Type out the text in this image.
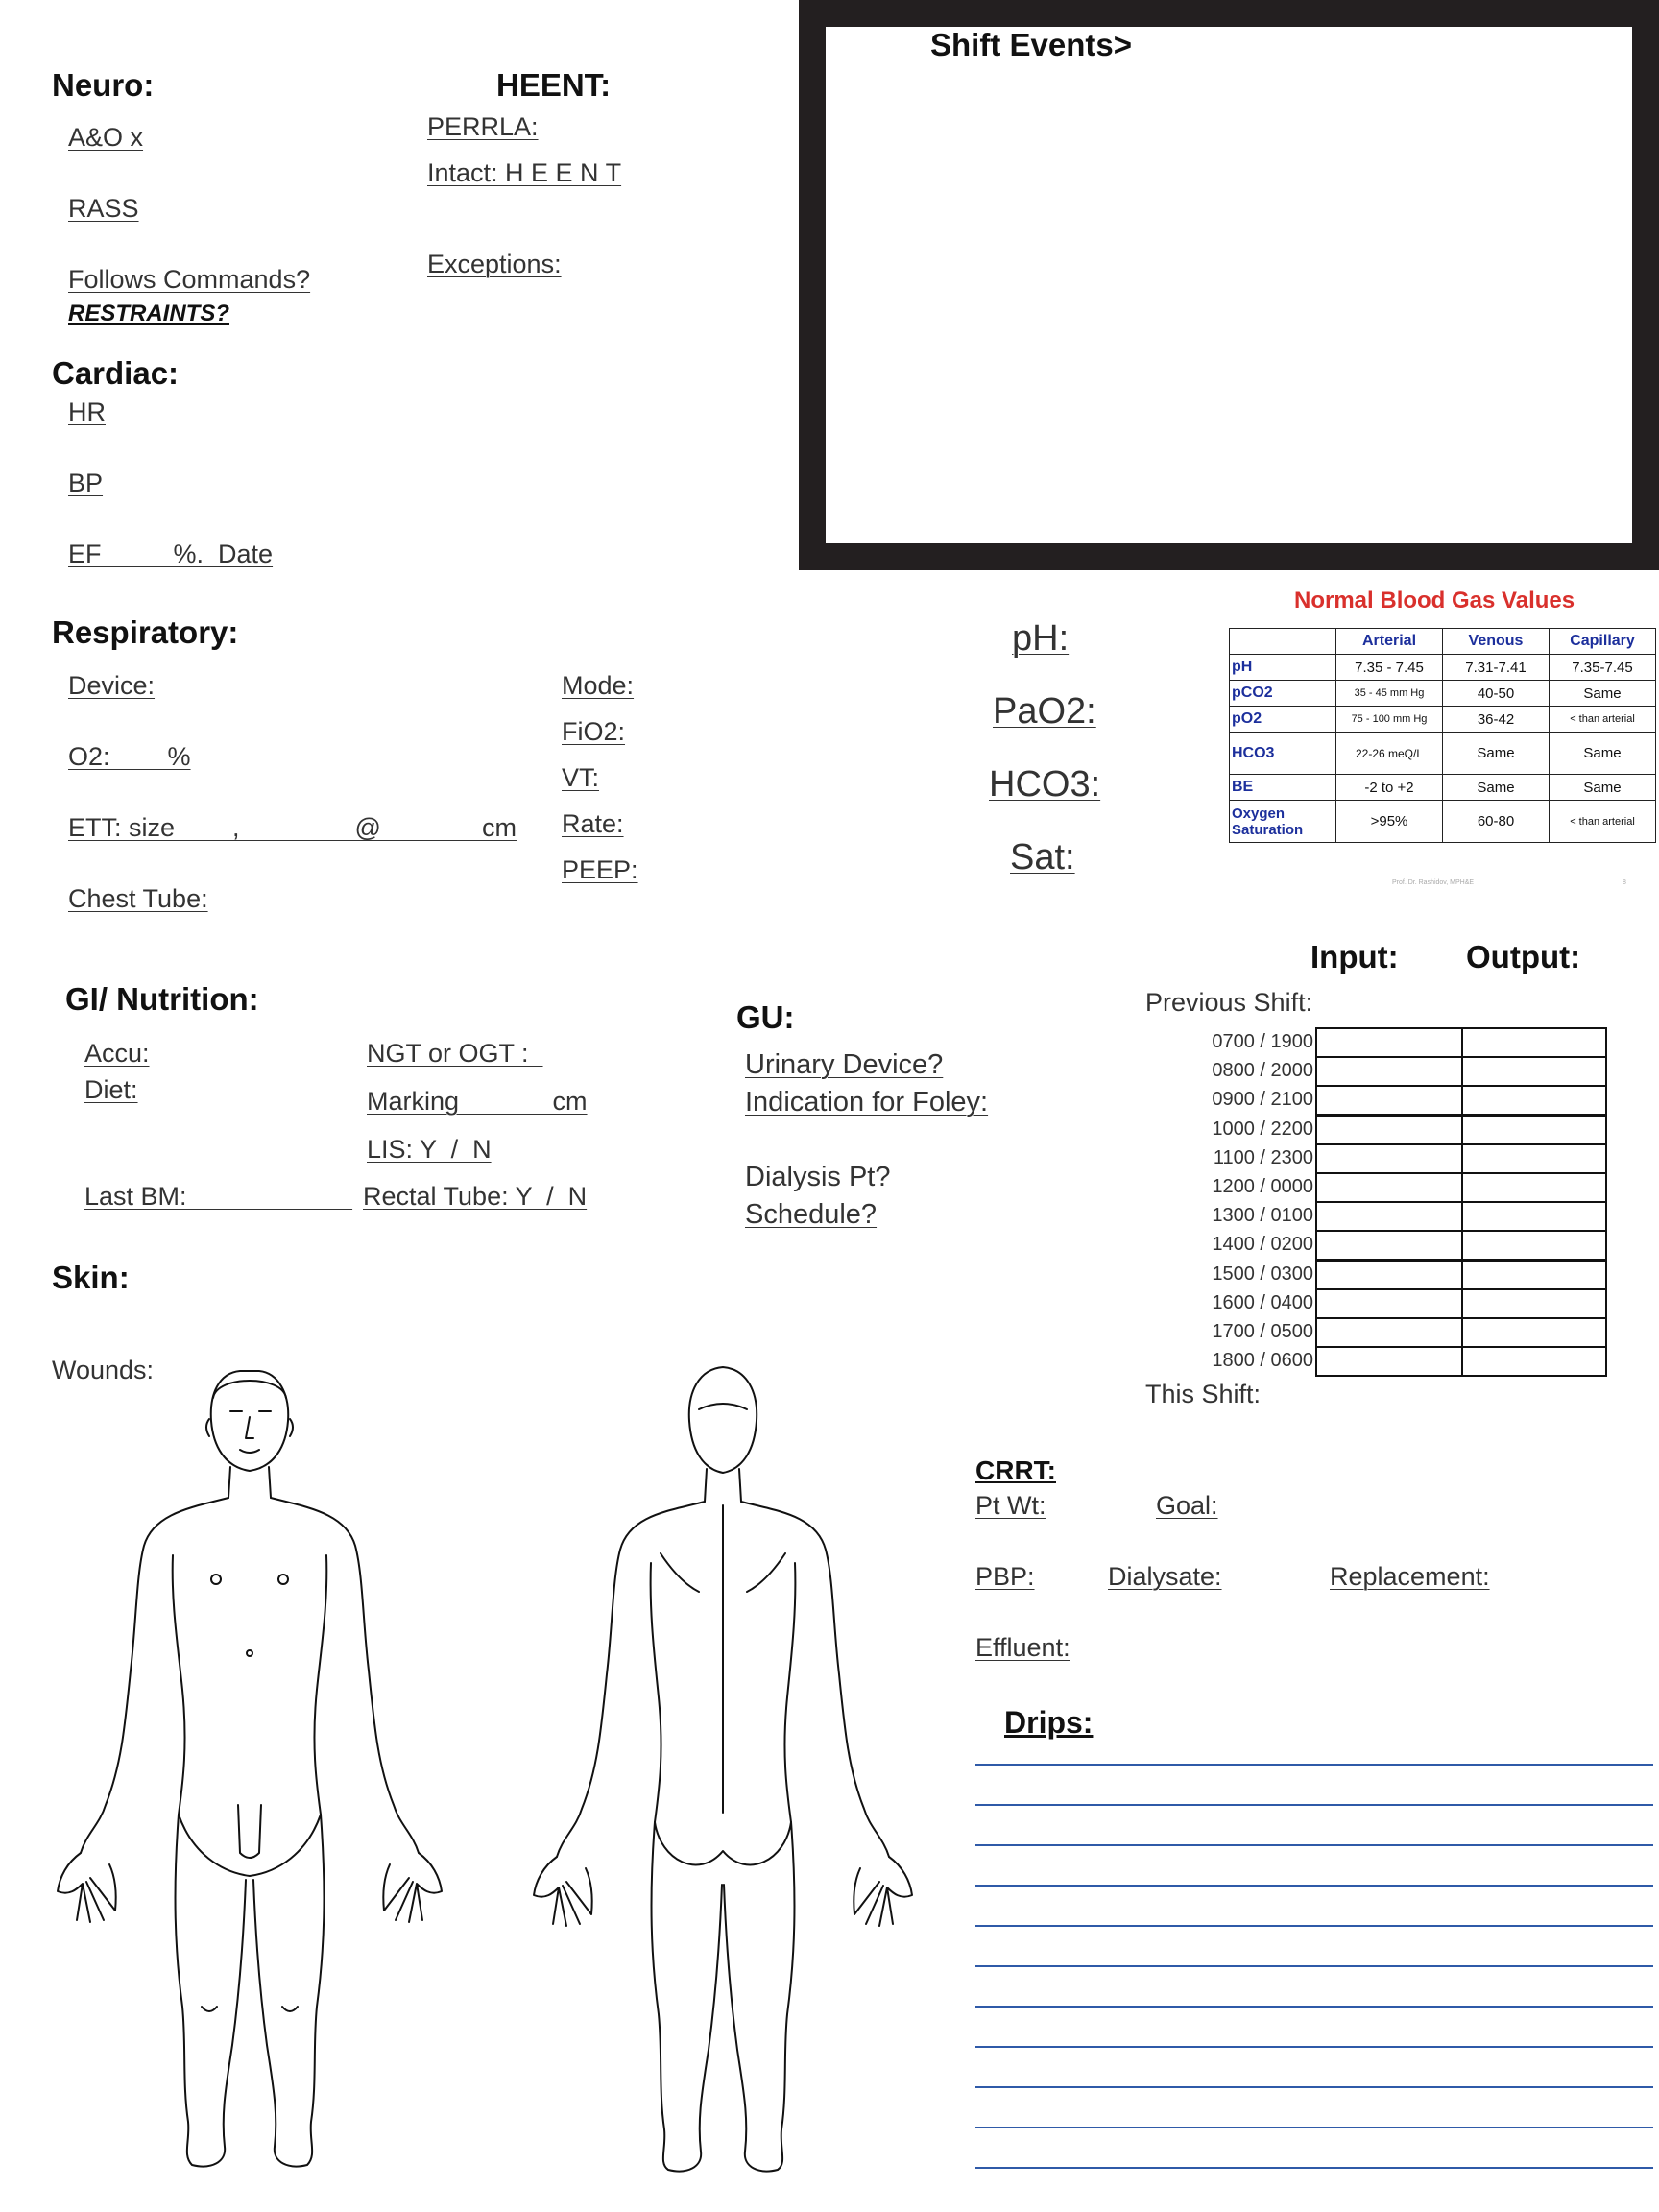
Shift Events>
Neuro:
A&O x
RASS
Follows Commands?
RESTRAINTS?
HEENT:
PERRLA:
Intact: H E E N T
Exceptions:
Cardiac:
HR
BP
EF          %.  Date
Respiratory:
Device:
O2:        %
ETT: size        ,                @              cm
Chest Tube:
Mode:
FiO2:
VT:
Rate:
PEEP:
pH:
PaO2:
HCO3:
Sat:
Normal Blood Gas Values
	Arterial	Venous	Capillary
pH	7.35 - 7.45	7.31-7.41	7.35-7.45
pCO2	35 - 45 mm Hg	40-50	Same
pO2	75 - 100 mm Hg	36-42	< than arterial
HCO3	22-26 meQ/L	Same	Same
BE	-2 to +2	Same	Same
Oxygen Saturation	>95%	60-80	< than arterial
Prof. Dr. Rashidov, MPH&E	8
Input: Output:
Previous Shift:
This Shift:
0700 / 1900
0800 / 2000
0900 / 2100
1000 / 2200
1100 / 2300
1200 / 0000
1300 / 0100
1400 / 0200
1500 / 0300
1600 / 0400
1700 / 0500
1800 / 0600
GI/ Nutrition:
Accu:
Diet:
NGT or OGT :
Marking             cm
LIS: Y  /  N
Last BM: Rectal Tube: Y  /  N
GU:
Urinary Device?
Indication for Foley:
Dialysis Pt?
Schedule?
Skin:
Wounds:
CRRT:
Pt Wt:	Goal:
PBP:	Dialysate:	Replacement:
Effluent:
Drips:
